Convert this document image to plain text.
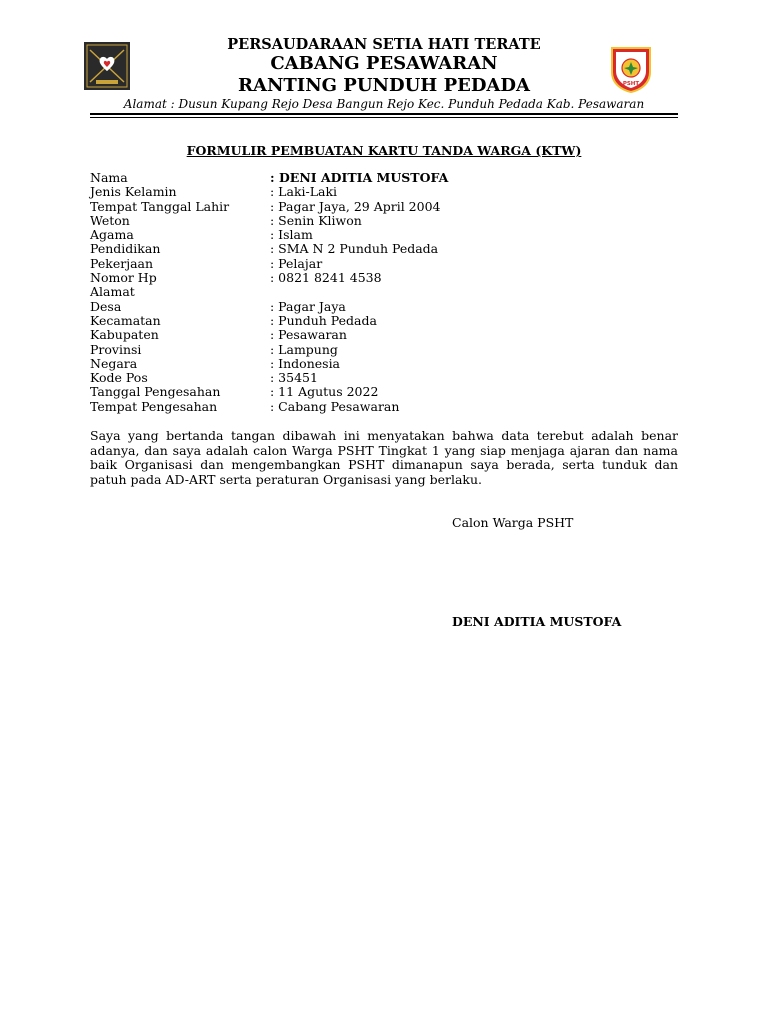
PSHT
PERSAUDARAAN SETIA HATI TERATE
CABANG PESAWARAN
RANTING PUNDUH PEDADA
Alamat : Dusun Kupang Rejo Desa Bangun Rejo Kec. Punduh Pedada Kab. Pesawaran
FORMULIR PEMBUATAN KARTU TANDA WARGA (KTW)
Nama	: DENI ADITIA MUSTOFA
Jenis Kelamin	: Laki-Laki
Tempat Tanggal Lahir	: Pagar Jaya, 29 April 2004
Weton	: Senin Kliwon
Agama	: Islam
Pendidikan	: SMA N 2 Punduh Pedada
Pekerjaan	: Pelajar
Nomor Hp	: 0821 8241 4538
Alamat
Desa	: Pagar Jaya
Kecamatan	: Punduh Pedada
Kabupaten	: Pesawaran
Provinsi	: Lampung
Negara	: Indonesia
Kode Pos	: 35451
Tanggal Pengesahan	: 11 Agutus 2022
Tempat Pengesahan	: Cabang Pesawaran
Saya yang bertanda tangan dibawah ini menyatakan bahwa data terebut adalah benar adanya, dan saya adalah calon Warga PSHT Tingkat 1 yang siap menjaga ajaran dan nama baik Organisasi dan mengembangkan PSHT dimanapun saya berada, serta tunduk dan patuh pada AD-ART serta peraturan Organisasi yang berlaku.
Calon Warga PSHT
DENI ADITIA MUSTOFA
